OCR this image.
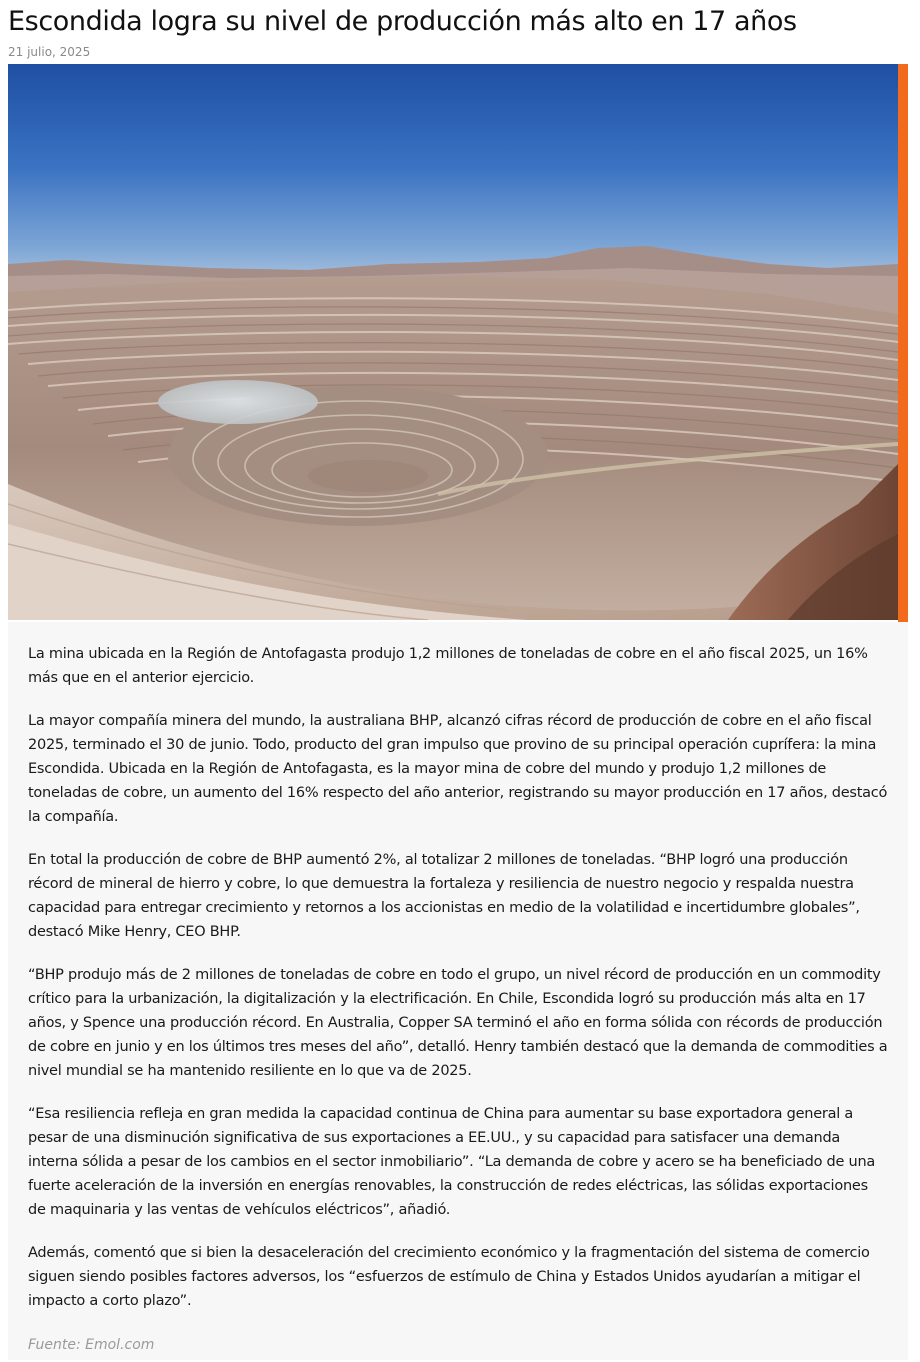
Escondida logra su nivel de producción más alto en 17 años
21 julio, 2025

La mina ubicada en la Región de Antofagasta produjo 1,2 millones de toneladas de cobre en el año fiscal 2025, un 16% más que en el anterior ejercicio.

La mayor compañía minera del mundo, la australiana BHP, alcanzó cifras récord de producción de cobre en el año fiscal 2025, terminado el 30 de junio. Todo, producto del gran impulso que provino de su principal operación cuprífera: la mina Escondida. Ubicada en la Región de Antofagasta, es la mayor mina de cobre del mundo y produjo 1,2 millones de toneladas de cobre, un aumento del 16% respecto del año anterior, registrando su mayor producción en 17 años, destacó la compañía.

En total la producción de cobre de BHP aumentó 2%, al totalizar 2 millones de toneladas. “BHP logró una producción récord de mineral de hierro y cobre, lo que demuestra la fortaleza y resiliencia de nuestro negocio y respalda nuestra capacidad para entregar crecimiento y retornos a los accionistas en medio de la volatilidad e incertidumbre globales”, destacó Mike Henry, CEO BHP.

“BHP produjo más de 2 millones de toneladas de cobre en todo el grupo, un nivel récord de producción en un commodity crítico para la urbanización, la digitalización y la electrificación. En Chile, Escondida logró su producción más alta en 17 años, y Spence una producción récord. En Australia, Copper SA terminó el año en forma sólida con récords de producción de cobre en junio y en los últimos tres meses del año”, detalló. Henry también destacó que la demanda de commodities a nivel mundial se ha mantenido resiliente en lo que va de 2025.

“Esa resiliencia refleja en gran medida la capacidad continua de China para aumentar su base exportadora general a pesar de una disminución significativa de sus exportaciones a EE.UU., y su capacidad para satisfacer una demanda interna sólida a pesar de los cambios en el sector inmobiliario”. “La demanda de cobre y acero se ha beneficiado de una fuerte aceleración de la inversión en energías renovables, la construcción de redes eléctricas, las sólidas exportaciones de maquinaria y las ventas de vehículos eléctricos”, añadió.

Además, comentó que si bien la desaceleración del crecimiento económico y la fragmentación del sistema de comercio siguen siendo posibles factores adversos, los “esfuerzos de estímulo de China y Estados Unidos ayudarían a mitigar el impacto a corto plazo”.

Fuente: Emol.com
